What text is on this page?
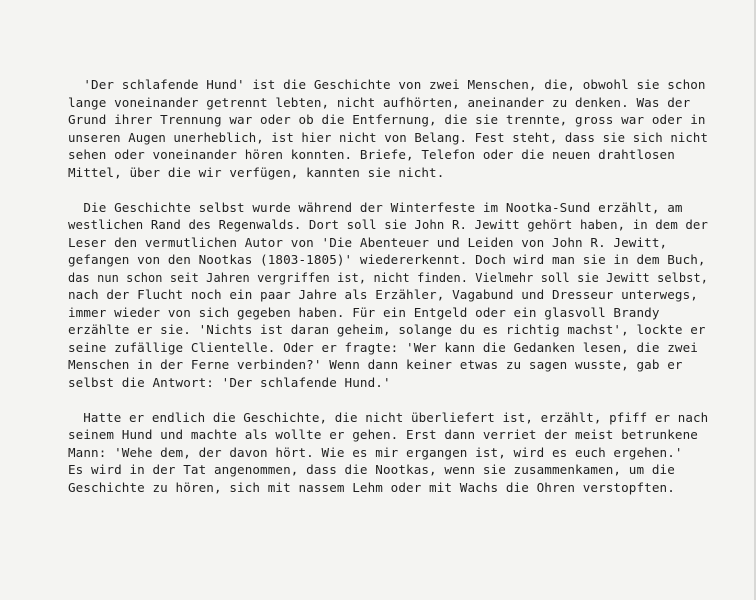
'Der schlafende Hund' ist die Geschichte von zwei Menschen, die, obwohl sie schon
lange voneinander getrennt lebten, nicht aufhörten, aneinander zu denken. Was der
Grund ihrer Trennung war oder ob die Entfernung, die sie trennte, gross war oder in
unseren Augen unerheblich, ist hier nicht von Belang. Fest steht, dass sie sich nicht
sehen oder voneinander hören konnten. Briefe, Telefon oder die neuen drahtlosen
Mittel, über die wir verfügen, kannten sie nicht.

Die Geschichte selbst wurde während der Winterfeste im Nootka-Sund erzählt, am
westlichen Rand des Regenwalds. Dort soll sie John R. Jewitt gehört haben, in dem der
Leser den vermutlichen Autor von 'Die Abenteuer und Leiden von John R. Jewitt,
gefangen von den Nootkas (1803-1805)' wiedererkennt. Doch wird man sie in dem Buch,
das nun schon seit Jahren vergriffen ist, nicht finden. Vielmehr soll sie Jewitt selbst,
nach der Flucht noch ein paar Jahre als Erzähler, Vagabund und Dresseur unterwegs,
immer wieder von sich gegeben haben. Für ein Entgeld oder ein glasvoll Brandy
erzählte er sie. 'Nichts ist daran geheim, solange du es richtig machst', lockte er
seine zufällige Clientelle. Oder er fragte: 'Wer kann die Gedanken lesen, die zwei
Menschen in der Ferne verbinden?' Wenn dann keiner etwas zu sagen wusste, gab er
selbst die Antwort: 'Der schlafende Hund.'

Hatte er endlich die Geschichte, die nicht überliefert ist, erzählt, pfiff er nach
seinem Hund und machte als wollte er gehen. Erst dann verriet der meist betrunkene
Mann: 'Wehe dem, der davon hört. Wie es mir ergangen ist, wird es euch ergehen.'
Es wird in der Tat angenommen, dass die Nootkas, wenn sie zusammenkamen, um die
Geschichte zu hören, sich mit nassem Lehm oder mit Wachs die Ohren verstopften.
